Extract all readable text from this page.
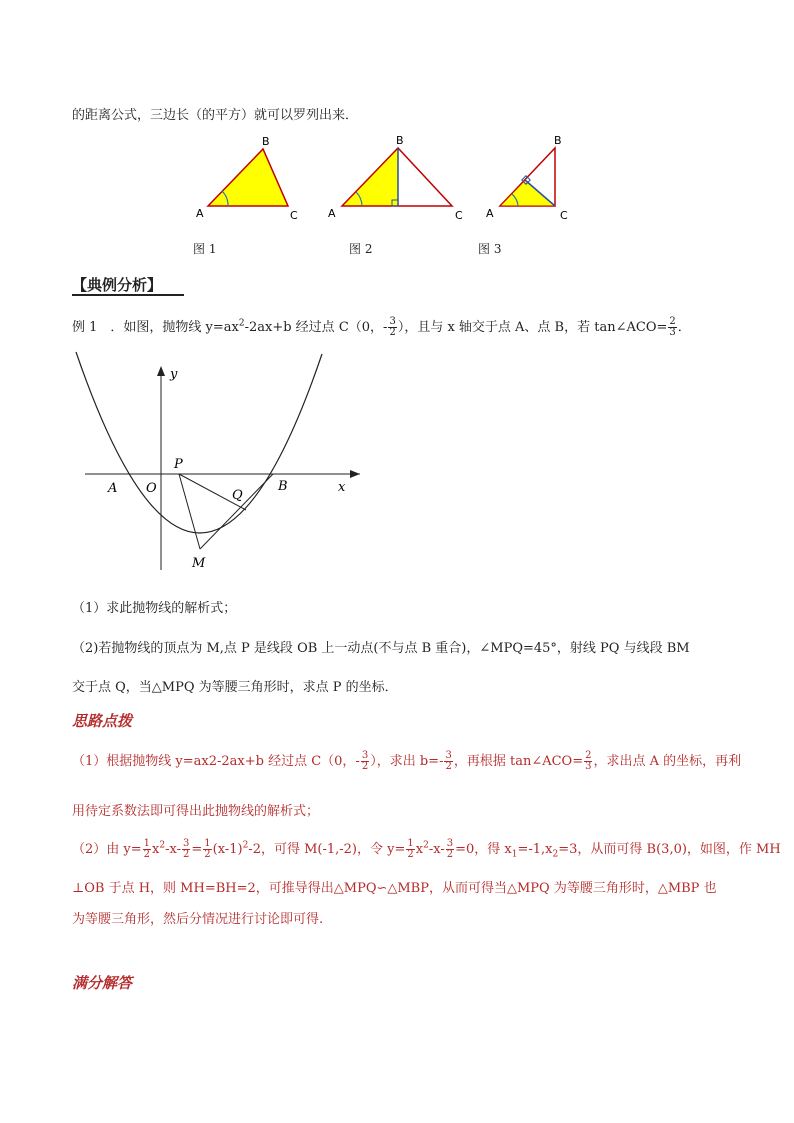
的距离公式，三边长（的平方）就可以罗列出来．
A
B
C	A
B
C A
B
C
图 1	图 2	图 3
【典例分析】
例 1　．如图，抛物线 $y=ax^2-2ax+b$ 经过点 C（0，- $\frac{3}{2}$ ），且与 x 轴交于点 A、点 B，若 tan∠ACO= $\frac{2}{3}$ ．
y
x
P
A O	Q
B
M
（1）求此抛物线的解析式；
（2)若抛物线的顶点为 M,点 P 是线段 OB 上一动点(不与点 B 重合)，∠MPQ=45°，射线 PQ 与线段 BM
交于点 Q，当△MPQ 为等腰三角形时，求点 P 的坐标．
思路点拨
（1）根据抛物线 y=ax2-2ax+b 经过点 C（0，- $\frac{3}{2}$ ），求出 $b=- \frac{3}{2}$ ，再根据 tan∠ACO= $\frac{2}{3}$ ，求出点 A 的坐标，再利
用待定系数法即可得出此抛物线的解析式；
（2）由 $y= \frac{1}{2} x^2-x- \frac{3}{2} = \frac{1}{2} (x-1)^2-2$，可得 M(-1,-2)，令 $y= \frac{1}{2} x^2-x- \frac{3}{2} =0$，得 $x_1=-1,x_2=3$，从而可得 B(3,0)，如图，作 MH
⊥OB 于点 H，则 MH=BH=2，可推导得出△MPQ∽△MBP，从而可得当△MPQ 为等腰三角形时，△MBP 也
为等腰三角形，然后分情况进行讨论即可得.
满分解答
